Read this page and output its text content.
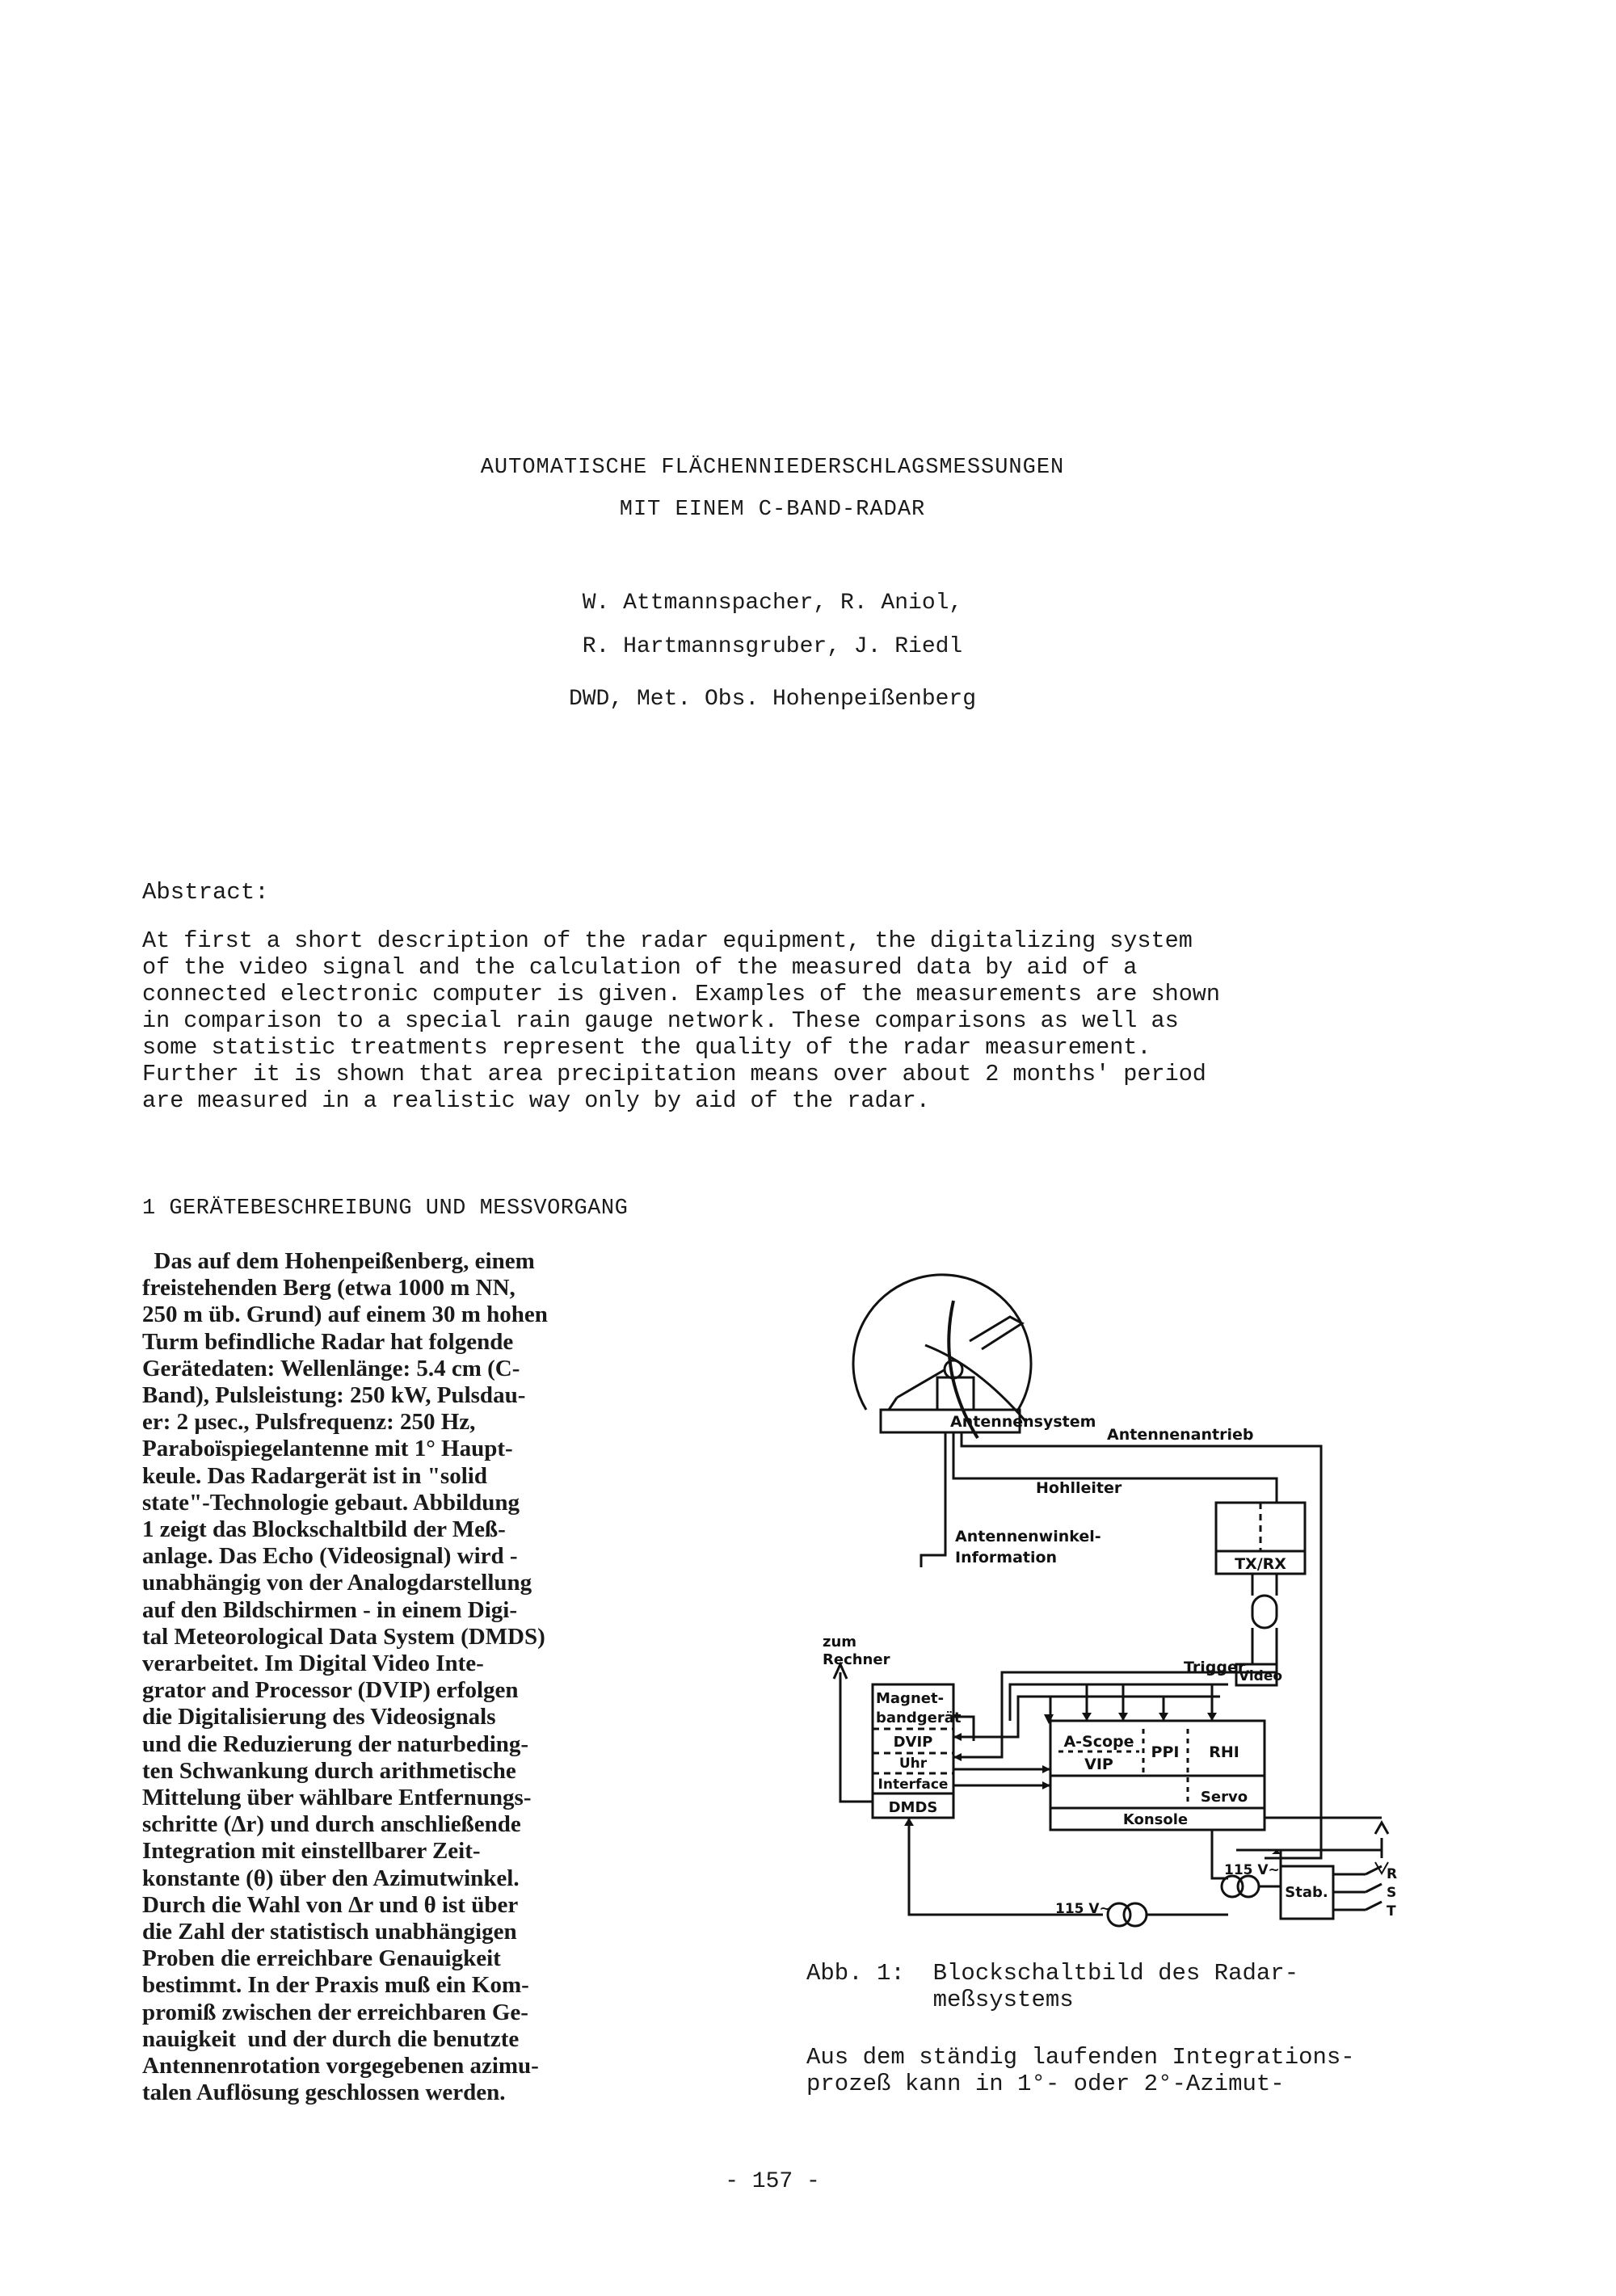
AUTOMATISCHE FLÄCHENNIEDERSCHLAGSMESSUNGEN
MIT EINEM C-BAND-RADAR
W. Attmannspacher, R. Aniol,
R. Hartmannsgruber, J. Riedl
DWD, Met. Obs. Hohenpeißenberg
Abstract:
At first a short description of the radar equipment, the digitalizing system
of the video signal and the calculation of the measured data by aid of a
connected electronic computer is given. Examples of the measurements are shown
in comparison to a special rain gauge network. These comparisons as well as
some statistic treatments represent the quality of the radar measurement.
Further it is shown that area precipitation means over about 2 months' period
are measured in a realistic way only by aid of the radar.
1 GERÄTEBESCHREIBUNG UND MESSVORGANG
Das auf dem Hohenpeißenberg, einem
freistehenden Berg (etwa 1000 m NN,
250 m üb. Grund) auf einem 30 m hohen
Turm befindliche Radar hat folgende
Gerätedaten: Wellenlänge: 5.4 cm (C-
Band), Pulsleistung: 250 kW, Pulsdau-
er: 2 µsec., Pulsfrequenz: 250 Hz,
Paraboïspiegelantenne mit 1° Haupt-
keule. Das Radargerät ist in "solid
state"-Technologie gebaut. Abbildung
1 zeigt das Blockschaltbild der Meß-
anlage. Das Echo (Videosignal) wird -
unabhängig von der Analogdarstellung
auf den Bildschirmen - in einem Digi-
tal Meteorological Data System (DMDS)
verarbeitet. Im Digital Video Inte-
grator and Processor (DVIP) erfolgen
die Digitalisierung des Videosignals
und die Reduzierung der naturbeding-
ten Schwankung durch arithmetische
Mittelung über wählbare Entfernungs-
schritte (Δr) und durch anschließende
Integration mit einstellbarer Zeit-
konstante (θ) über den Azimutwinkel.
Durch die Wahl von Δr und θ ist über
die Zahl der statistisch unabhängigen
Proben die erreichbare Genauigkeit
bestimmt. In der Praxis muß ein Kom-
promiß zwischen der erreichbaren Ge-
nauigkeit  und der durch die benutzte
Antennenrotation vorgegebenen azimu-
talen Auflösung geschlossen werden.
Antennensystem
Antennenantrieb
Hohlleiter
Antennenwinkel-
Information	TX/RX
zum
Rechner	Trigger
Video
Magnet-
bandgerät
DVIP
Uhr
Interface
DMDS
A-Scope
VIP
PPI RHI
Servo
Konsole
115 V~
115 V~
Stab.
R
S
T
Abb. 1:  Blockschaltbild des Radar-
meßsystems
Aus dem ständig laufenden Integrations-
prozeß kann in 1°- oder 2°-Azimut-
- 157 -
